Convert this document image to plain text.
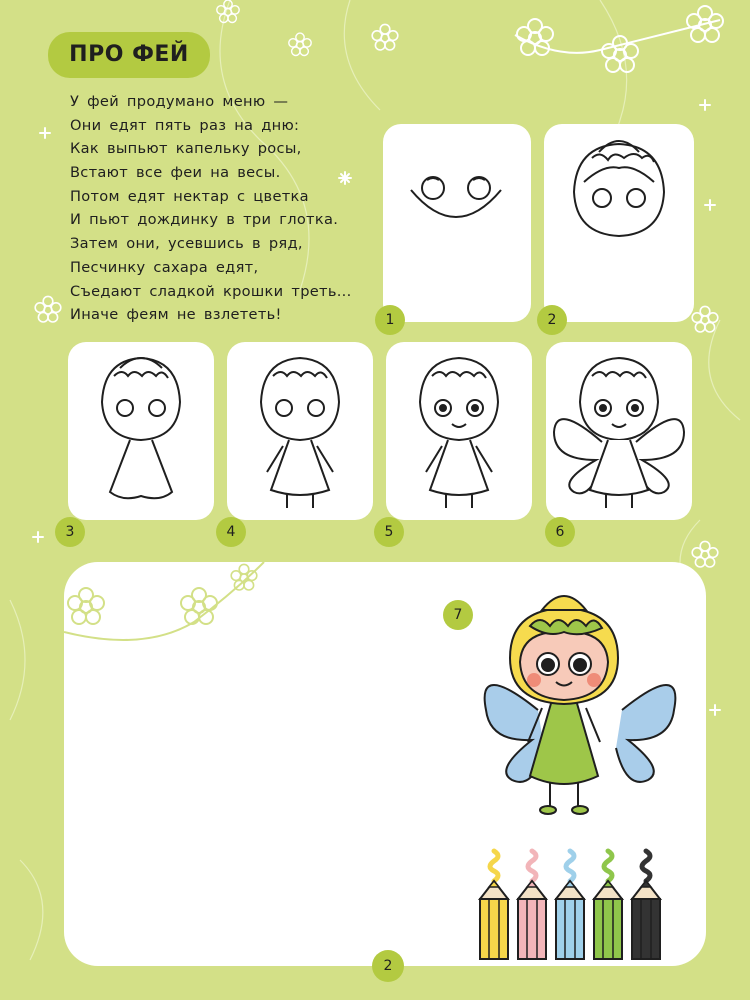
ПРО ФЕЙ
У фей продумано меню —
Они едят пять раз на дню:
Как выпьют капельку росы,
Встают все феи на весы.
Потом едят нектар с цветка
И пьют дождинку в три глотка.
Затем они, усевшись в ряд,
Песчинку сахара едят,
Съедают сладкой крошки треть...
Иначе феям не взлететь!	1	2
3	4	5	6
7
2
